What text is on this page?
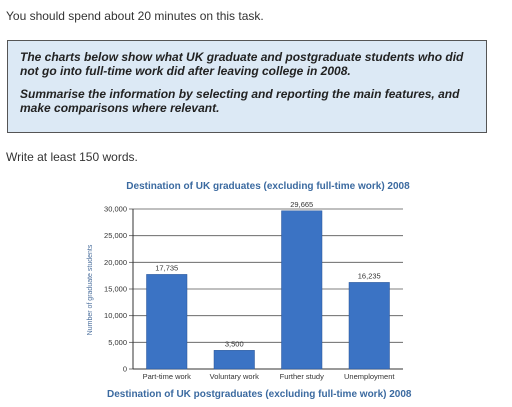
You should spend about 20 minutes on this task.

The charts below show what UK graduate and postgraduate students who did not go into full-time work did after leaving college in 2008.

Summarise the information by selecting and reporting the main features, and make comparisons where relevant.

Write at least 150 words.
Destination of UK graduates (excluding full-time work) 2008
0
5,000
10,000
15,000
20,000
25,000
30,000
17,735
Part-time work
3,500
Voluntary work
29,665
Further study
16,235
Unemployment
Number of graduate students
Destination of UK postgraduates (excluding full-time work) 2008
